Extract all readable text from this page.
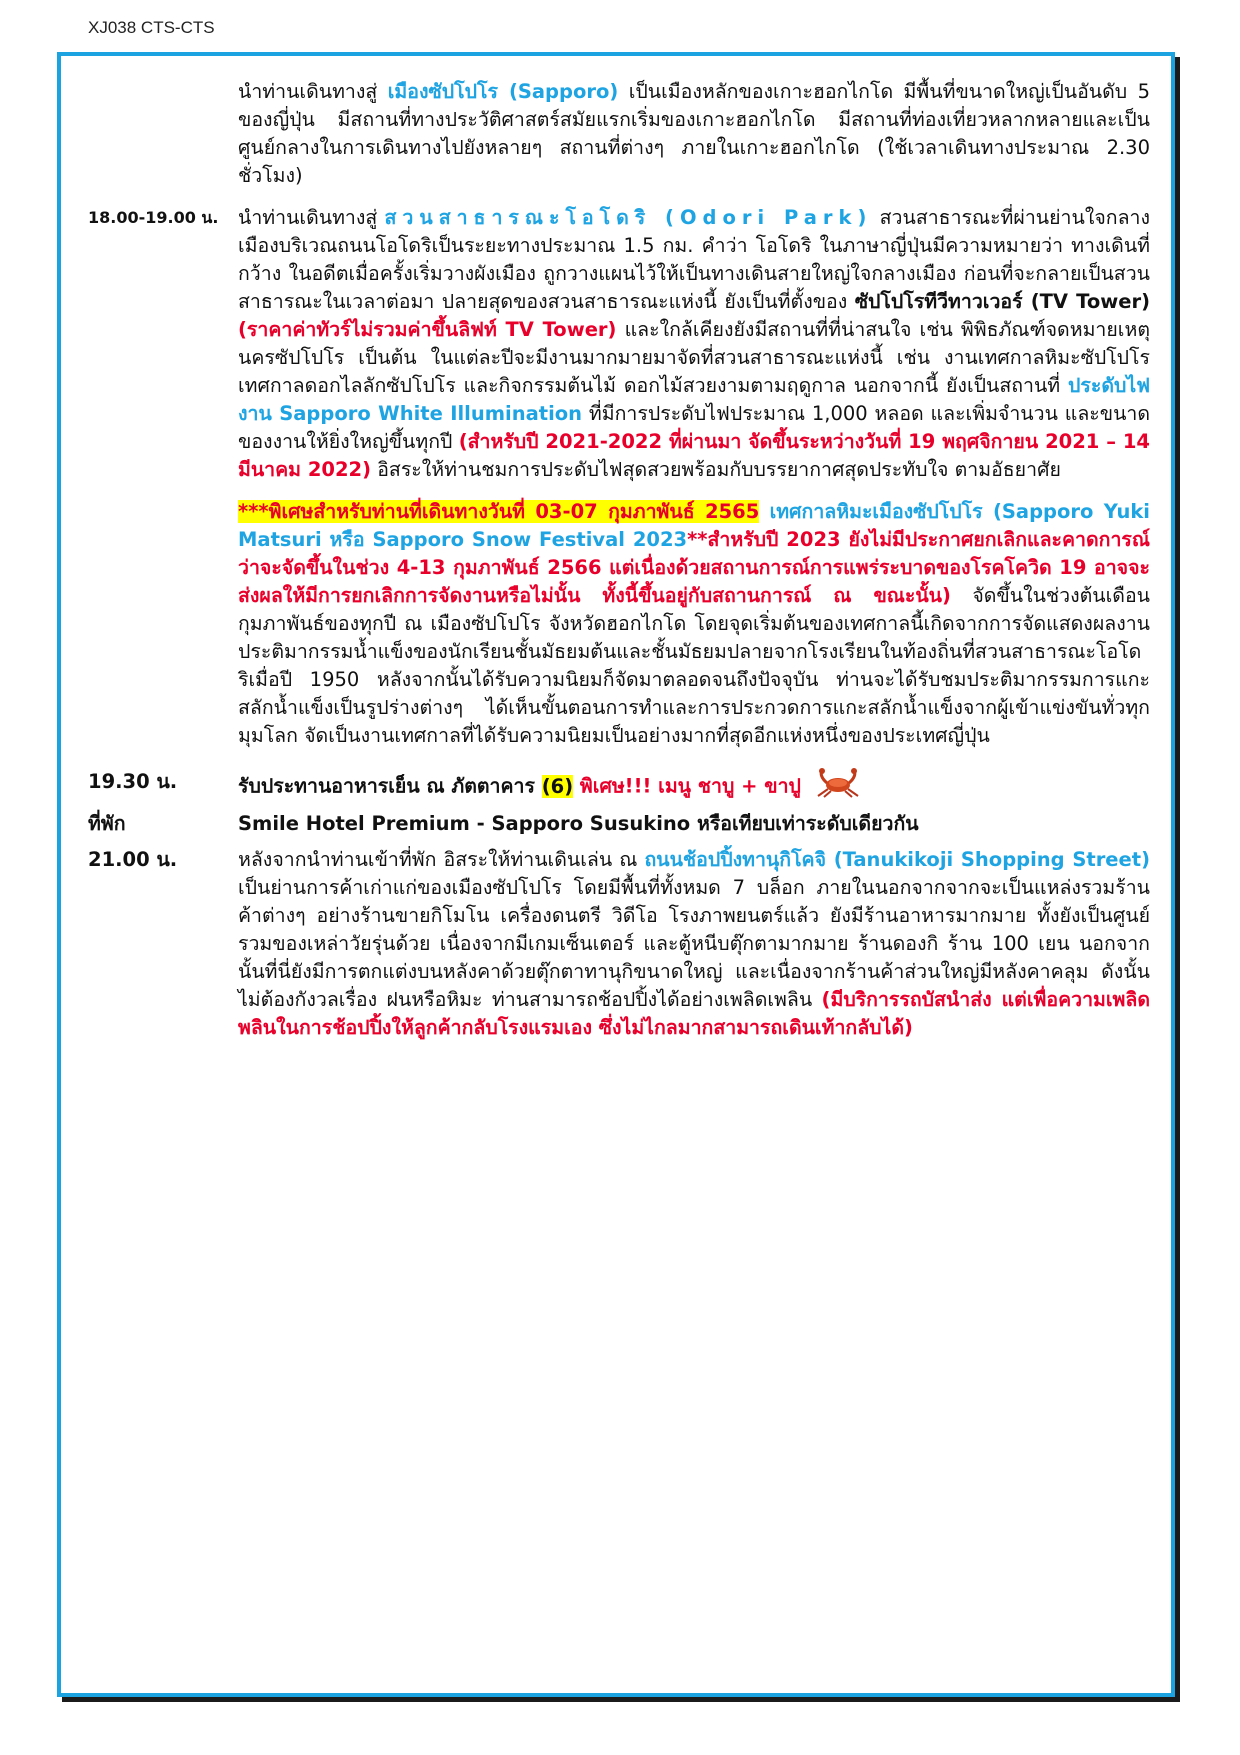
XJ038 CTS-CTS
นำท่านเดินทางสู่ เมืองซัปโปโร (Sapporo) เป็นเมืองหลักของเกาะฮอกไกโด มีพื้นที่ขนาดใหญ่เป็นอันดับ 5 ของญี่ปุ่น มีสถานที่ทางประวัติศาสตร์สมัยแรกเริ่มของเกาะฮอกไกโด มีสถานที่ท่องเที่ยวหลากหลายและเป็นศูนย์กลางในการเดินทางไปยังหลายๆ สถานที่ต่างๆ ภายในเกาะฮอกไกโด (ใช้เวลาเดินทางประมาณ 2.30 ชั่วโมง)
18.00-19.00 น.	นำท่านเดินทางสู่ สวนสาธารณะโอโดริ (Odori Park) สวนสาธารณะที่ผ่านย่านใจกลางเมืองบริเวณถนนโอโดริเป็นระยะทางประมาณ 1.5 กม. คำว่า โอโดริ ในภาษาญี่ปุ่นมีความหมายว่า ทางเดินที่กว้าง ในอดีตเมื่อครั้งเริ่มวางผังเมือง ถูกวางแผนไว้ให้เป็นทางเดินสายใหญ่ใจกลางเมือง ก่อนที่จะกลายเป็นสวนสาธารณะในเวลาต่อมา ปลายสุดของสวนสาธารณะแห่งนี้ ยังเป็นที่ตั้งของ ซัปโปโรทีวีทาวเวอร์ (TV Tower) (ราคาค่าทัวร์ไม่รวมค่าขึ้นลิฟท์ TV Tower) และใกล้เคียงยังมีสถานที่ที่น่าสนใจ เช่น พิพิธภัณฑ์จดหมายเหตุนครซัปโปโร เป็นต้น ในแต่ละปีจะมีงานมากมายมาจัดที่สวนสาธารณะแห่งนี้ เช่น งานเทศกาลหิมะซัปโปโร เทศกาลดอกไลลักซัปโปโร และกิจกรรมต้นไม้ ดอกไม้สวยงามตามฤดูกาล นอกจากนี้ ยังเป็นสถานที่ ประดับไฟงาน Sapporo White Illumination ที่มีการประดับไฟประมาณ 1,000 หลอด และเพิ่มจำนวน และขนาดของงานให้ยิ่งใหญ่ขึ้นทุกปี (สำหรับปี 2021-2022 ที่ผ่านมา จัดขึ้นระหว่างวันที่ 19 พฤศจิกายน 2021 – 14 มีนาคม 2022) อิสระให้ท่านชมการประดับไฟสุดสวยพร้อมกับบรรยากาศสุดประทับใจ ตามอัธยาศัย
***พิเศษสำหรับท่านที่เดินทางวันที่ 03-07 กุมภาพันธ์ 2565 เทศกาลหิมะเมืองซัปโปโร (Sapporo Yuki Matsuri หรือ Sapporo Snow Festival 2023**สำหรับปี 2023 ยังไม่มีประกาศยกเลิกและคาดการณ์ว่าจะจัดขึ้นในช่วง 4-13 กุมภาพันธ์ 2566 แต่เนื่องด้วยสถานการณ์การแพร่ระบาดของโรคโควิด 19 อาจจะส่งผลให้มีการยกเลิกการจัดงานหรือไม่นั้น ทั้งนี้ขึ้นอยู่กับสถานการณ์ ณ ขณะนั้น) จัดขึ้นในช่วงต้นเดือนกุมภาพันธ์ของทุกปี ณ เมืองซัปโปโร จังหวัดฮอกไกโด โดยจุดเริ่มต้นของเทศกาลนี้เกิดจากการจัดแสดงผลงานประติมากรรมน้ำแข็งของนักเรียนชั้นมัธยมต้นและชั้นมัธยมปลายจากโรงเรียนในท้องถิ่นที่สวนสาธารณะโอโดริเมื่อปี 1950 หลังจากนั้นได้รับความนิยมก็จัดมาตลอดจนถึงปัจจุบัน ท่านจะได้รับชมประติมากรรมการแกะสลักน้ำแข็งเป็นรูปร่างต่างๆ ได้เห็นขั้นตอนการทำและการประกวดการแกะสลักน้ำแข็งจากผู้เข้าแข่งขันทั่วทุกมุมโลก จัดเป็นงานเทศกาลที่ได้รับความนิยมเป็นอย่างมากที่สุดอีกแห่งหนึ่งของประเทศญี่ปุ่น
19.30 น.	รับประทานอาหารเย็น ณ ภัตตาคาร (6) พิเศษ!!! เมนู ชาบู + ขาปู
ที่พัก	Smile Hotel Premium - Sapporo Susukino หรือเทียบเท่าระดับเดียวกัน
21.00 น.	หลังจากนำท่านเข้าที่พัก อิสระให้ท่านเดินเล่น ณ ถนนช้อปปิ้งทานุกิโคจิ (Tanukikoji Shopping Street) เป็นย่านการค้าเก่าแก่ของเมืองซัปโปโร โดยมีพื้นที่ทั้งหมด 7 บล็อก ภายในนอกจากจากจะเป็นแหล่งรวมร้านค้าต่างๆ อย่างร้านขายกิโมโน เครื่องดนตรี วิดีโอ โรงภาพยนตร์แล้ว ยังมีร้านอาหารมากมาย ทั้งยังเป็นศูนย์รวมของเหล่าวัยรุ่นด้วย เนื่องจากมีเกมเซ็นเตอร์ และตู้หนีบตุ๊กตามากมาย ร้านดองกิ ร้าน 100 เยน นอกจากนั้นที่นี่ยังมีการตกแต่งบนหลังคาด้วยตุ๊กตาทานุกิขนาดใหญ่ และเนื่องจากร้านค้าส่วนใหญ่มีหลังคาคลุม ดังนั้น ไม่ต้องกังวลเรื่อง ฝนหรือหิมะ ท่านสามารถช้อปปิ้งได้อย่างเพลิดเพลิน (มีบริการรถบัสนำส่ง แต่เพื่อความเพลิดพลินในการช้อปปิ้งให้ลูกค้ากลับโรงแรมเอง ซึ่งไม่ไกลมากสามารถเดินเท้ากลับได้)
